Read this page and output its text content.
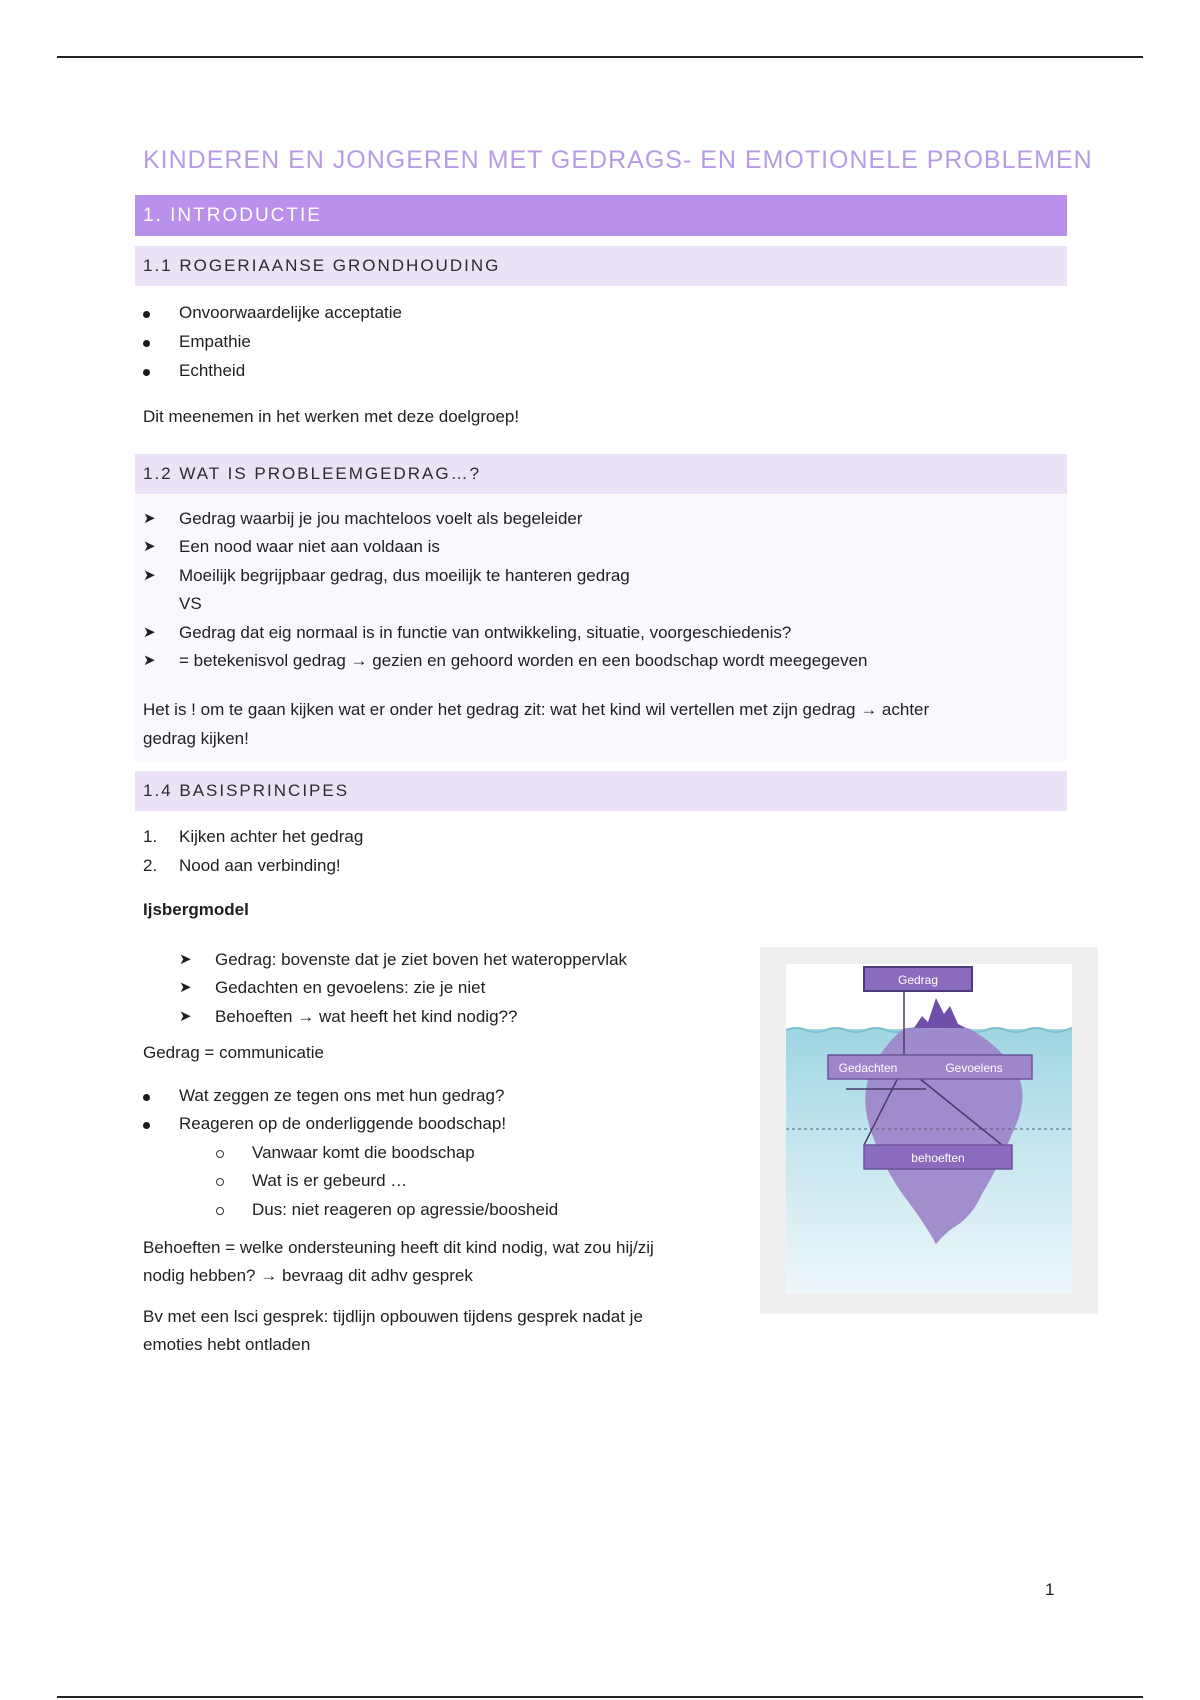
KINDEREN EN JONGEREN MET GEDRAGS- EN EMOTIONELE PROBLEMEN
1. INTRODUCTIE
1.1 ROGERIAANSE GRONDHOUDING
Onvoorwaardelijke acceptatie
Empathie
Echtheid

Dit meenemen in het werken met deze doelgroep!

1.2 WAT IS PROBLEEMGEDRAG…?
➤	Gedrag waarbij je jou machteloos voelt als begeleider
➤	Een nood waar niet aan voldaan is
➤	Moeilijk begrijpbaar gedrag, dus moeilijk te hanteren gedrag
VS
➤	Gedrag dat eig normaal is in functie van ontwikkeling, situatie, voorgeschiedenis?
➤	= betekenisvol gedrag → gezien en gehoord worden en een boodschap wordt meegegeven

Het is ! om te gaan kijken wat er onder het gedrag zit: wat het kind wil vertellen met zijn gedrag → achter
gedrag kijken!

1.4 BASISPRINCIPES
1.	Kijken achter het gedrag
2.	Nood aan verbinding!

Ijsbergmodel

➤	Gedrag: bovenste dat je ziet boven het wateroppervlak
➤	Gedachten en gevoelens: zie je niet
➤	Behoeften → wat heeft het kind nodig??

Gedrag = communicatie

Wat zeggen ze tegen ons met hun gedrag?
Reageren op de onderliggende boodschap!
Vanwaar komt die boodschap
Wat is er gebeurd …
Dus: niet reageren op agressie/boosheid

Behoeften = welke ondersteuning heeft dit kind nodig, wat zou hij/zij
nodig hebben? → bevraag dit adhv gesprek

Bv met een lsci gesprek: tijdlijn opbouwen tijdens gesprek nadat je
emoties hebt ontladen

Gedrag
Gedachten	Gevoelens
behoeften
1
